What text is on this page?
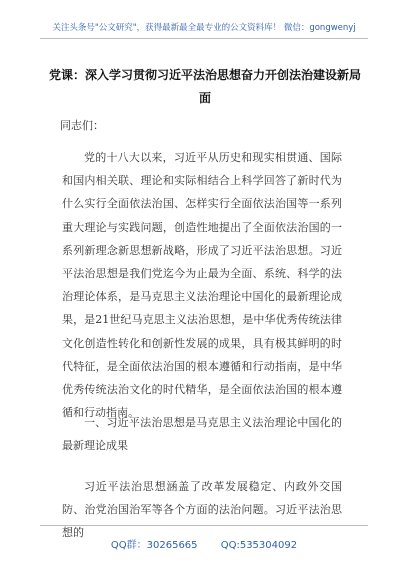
关注头条号"公文研究"，获得最新最全最专业的公文资料库！ 微信：gongwenyj
党课：深入学习贯彻习近平法治思想奋力开创法治建设新局面
同志们：
党的十八大以来，习近平从历史和现实相贯通、国际和国内相关联、理论和实际相结合上科学回答了新时代为什么实行全面依法治国、怎样实行全面依法治国等一系列重大理论与实践问题，创造性地提出了全面依法治国的一系列新理念新思想新战略，形成了习近平法治思想。习近平法治思想是我们党迄今为止最为全面、系统、科学的法治理论体系，是马克思主义法治理论中国化的最新理论成果，是21世纪马克思主义法治思想，是中华优秀传统法律文化创造性转化和创新性发展的成果，具有极其鲜明的时代特征，是全面依法治国的根本遵循和行动指南，是中华优秀传统法治文化的时代精华，是全面依法治国的根本遵循和行动指南。
一、习近平法治思想是马克思主义法治理论中国化的最新理论成果
习近平法治思想涵盖了改革发展稳定、内政外交国防、治党治国治军等各个方面的法治问题。习近平法治思想的
QQ群：30265665 QQ:535304092
